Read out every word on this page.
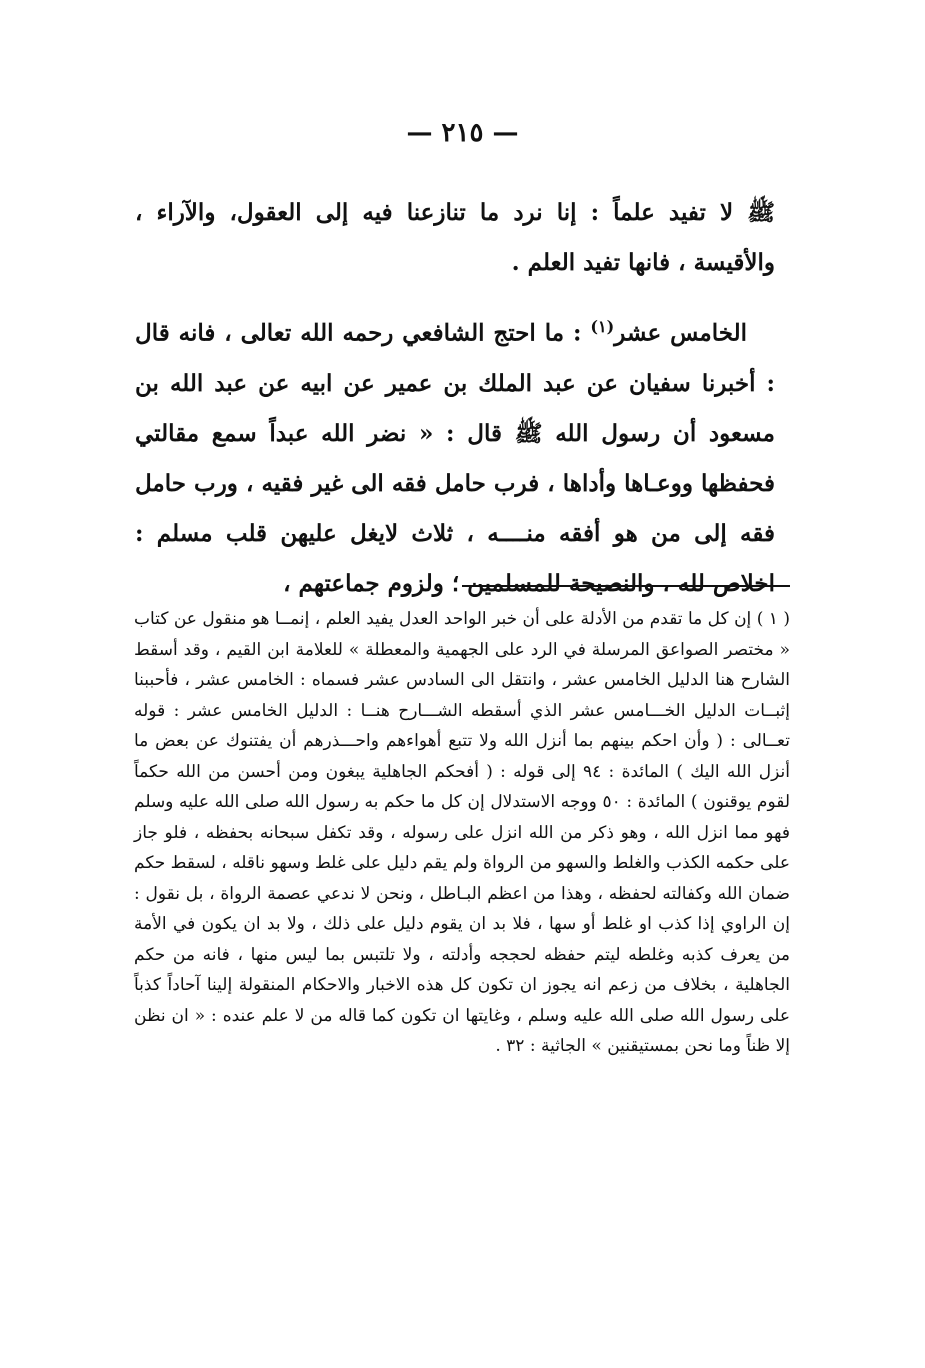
— ٢١٥ —

ﷺ لا تفيد علماً : إنا نرد ما تنازعنا فيه إلى العقول، والآراء ، والأقيسة ، فانها تفيد العلم .

الخامس عشر$^{(١)}$ : ما احتج الشافعي رحمه الله تعالى ، فانه قال : أخبرنا سفيان عن عبد الملك بن عمير عن ابيه عن عبد الله بن مسعود أن رسول الله ﷺ قال : « نضر الله عبداً سمع مقالتي فحفظها ووعـاها وأداها ، فرب حامل فقه الى غير فقيه ، ورب حامل فقه إلى من هو أفقه منــــه ، ثلاث لايغل عليهن قلب مسلم : اخلاص لله ، والنصيحة للمسلمين ؛ ولزوم جماعتهم ،

( ١ ) إن كل ما تقدم من الأدلة على أن خبر الواحد العدل يفيد العلم ، إنمــا هو منقول عن كتاب « مختصر الصواعق المرسلة في الرد على الجهمية والمعطلة » للعلامة ابن القيم ، وقد أسقط الشارح هنا الدليل الخامس عشر ، وانتقل الى السادس عشر فسماه : الخامس عشر ، فأحببنا إثبــات الدليل الخـــامس عشر الذي أسقطه الشـــارح هنــا : الدليل الخامس عشر : قوله تعــالى : ( وأن احكم بينهم بما أنزل الله ولا تتبع أهواءهم واحـــذرهم أن يفتنوك عن بعض ما أنزل الله اليك ) المائدة : ٩٤ إلى قوله : ( أفحكم الجاهلية يبغون ومن أحسن من الله حكماً لقوم يوقنون ) المائدة : ٥٠ ووجه الاستدلال إن كل ما حكم به رسول الله صلى الله عليه وسلم فهو مما انزل الله ، وهو ذكر من الله انزل على رسوله ، وقد تكفل سبحانه بحفظه ، فلو جاز على حكمه الكذب والغلط والسهو من الرواة ولم يقم دليل على غلط وسهو ناقله ، لسقط حكم ضمان الله وكفالته لحفظه ، وهذا من اعظم البـاطل ، ونحن لا ندعي عصمة الرواة ، بل نقول : إن الراوي إذا كذب او غلط أو سها ، فلا بد ان يقوم دليل على ذلك ، ولا بد ان يكون في الأمة من يعرف كذبه وغلطه ليتم حفظه لحججه وأدلته ، ولا تلتبس بما ليس منها ، فانه من حكم الجاهلية ، بخلاف من زعم انه يجوز ان تكون كل هذه الاخبار والاحكام المنقولة إلينا آحاداً كذباً على رسول الله صلى الله عليه وسلم ، وغايتها ان تكون كما قاله من لا علم عنده : « ان نظن إلا ظناً وما نحن بمستيقنين » الجاثية : ٣٢ .
